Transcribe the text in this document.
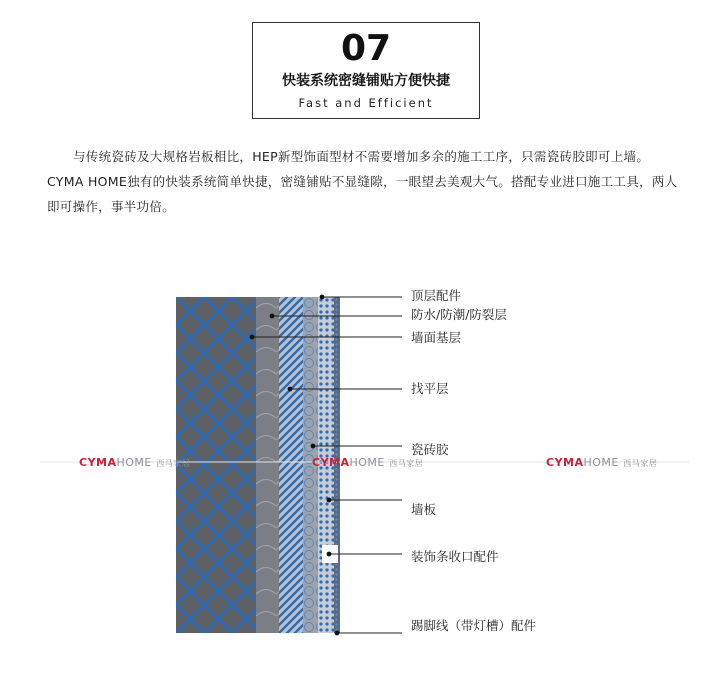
07
快装系统密缝铺贴方便快捷
Fast and Efficient
与传统瓷砖及大规格岩板相比，HEP新型饰面型材不需要增加多余的施工工序，只需瓷砖胶即可上墙。CYMA HOME独有的快装系统简单快捷，密缝铺贴不显缝隙，一眼望去美观大气。搭配专业进口施工工具，两人即可操作，事半功倍。
顶层配件
防水/防潮/防裂层
墙面基层
找平层
瓷砖胶
墙板
装饰条收口配件
踢脚线（带灯槽）配件
CYMAHOME 西马家居	CYMAHOME 西马家居	CYMAHOME 西马家居
